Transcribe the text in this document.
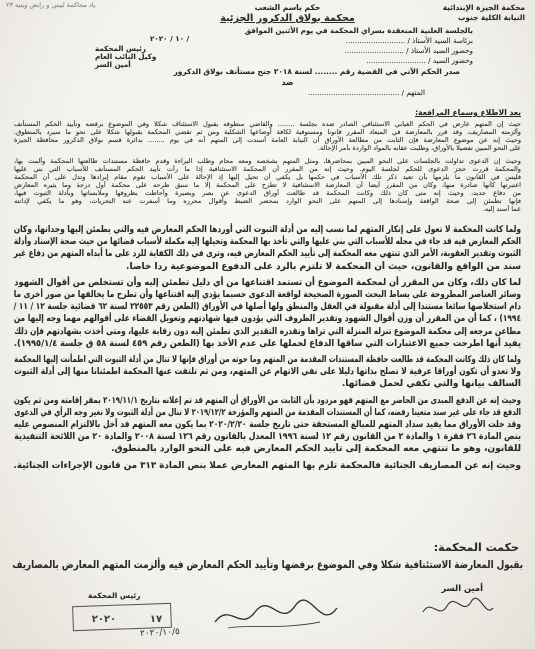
ياد محاكمة ليبتي و رابض ويتيه ٢٣	محكمة الجيزة الإبتدائية
النيابة الكلية جنوب
حكم باسم الشعب
محكمة بولاق الدكرور الجزئية
بالجلسة العلنية المنعقدة بسراي المحكمة في يوم الأثنين الموافق
/ ١٠ / ٢٠٢٠	برئاسة السيد الأستاذ / ..........................
رئيس المحكمة	وحضور السيد الأستاذ / ..........................
وكيل النائب العام	وحضور السيد / ..........................
أمين السر
صدر الحكم الآتي في القضية رقم ........ لسنة ٢٠١٨ جنح مستأنف بولاق الدكرور
ضد
المتهم / ........................................
بعد الاطلاع وسماع المرافعة:
حيث إن المتهم عارض في الحكم الغيابي الاستئنافي الصادر ضده بجلسة ........ والقاضي منطوقه بقبول الاستئناف شكلا وفي الموضوع برفضه وتأييد الحكم المستأنف
وألزمته المصاريف، وقد قرر بالمعارضة في الميعاد المقرر قانونا ومستوفية لكافة أوضاعها الشكلية ومن ثم تقضي المحكمة بقبولها شكلا على نحو ما سيرد بالمنطوق.
وحيث إنه عن موضوع المعارضة فإن الثابت من مطالعة الأوراق أن النيابة العامة أسندت إلى المتهم أنه في يوم ........ بدائرة قسم بولاق الدكرور محافظة الجيزة
على النحو المبين تفصيلا بالأوراق، وطلبت عقابه بالمواد الواردة بأمر الإحالة.
وحيث إن الدعوى تداولت بالجلسات على النحو المبين بمحاضرها، ومثل المتهم بشخصه ومعه محام وطلب البراءة وقدم حافظة مستندات طالعتها المحكمة وألمت بها،
والمحكمة قررت حجز الدعوى للحكم لجلسة اليوم. وحيث إنه من المقرر أن المحكمة الاستئنافية إذا ما رأت تأييد الحكم المستأنف للأسباب التي بني عليها
فليس في القانون ما يلزمها بأن تعيد ذكر تلك الأسباب في حكمها بل يكفي أن تحيل إليها إذ الإحالة على الأسباب تقوم مقام إيرادها وتدل على أن المحكمة
اعتبرتها كأنها صادرة منها، وكان من المقرر أيضا أن المعارضة الاستئنافية لا تطرح على المحكمة إلا ما سبق طرحه على محكمة أول درجة وما يثيره المعارض
من دفاع جديد، وحيث إنه متى كان ذلك وكانت المحكمة قد طالعت أوراق الدعوى عن بصر وبصيرة وأحاطت بظروفها وملابساتها وبأدلة الثبوت فيها،
فإنها تطمئن إلى صحة الواقعة وإسنادها إلى المتهم على النحو الوارد بمحضر الضبط وأقوال محرره وما أسفرت عنه التحريات، وهو ما يكفي لإدانته
عما أسند إليه.
ولما كانت المحكمة لا تعول على إنكار المتهم لما نسب إليه من أدلة الثبوت التي أوردها الحكم المعارض فيه والتي يطمئن إليها وجدانها، وكان
الحكم المعارض فيه قد جاء في محله للأسباب التي بني عليها والتي تأخذ بها المحكمة وتحيلها إليه مكملة لأسباب قضائها من حيث صحة الإسناد وأدلة
الثبوت وتقدير العقوبة، الأمر الذي تنتهي معه المحكمة إلى تأييد الحكم المعارض فيه، وترى في ذلك الكفاية للرد على ما أبداه المتهم من دفاع غير
سند من الواقع والقانون، حيث أن المحكمة لا تلتزم بالرد على الدفوع الموضوعية ردا خاصا.
لما كان ذلك، وكان من المقرر أن لمحكمة الموضوع أن تستمد اقتناعها من أي دليل تطمئن إليه وأن تستخلص من أقوال الشهود
وسائر العناصر المطروحة على بساط البحث الصورة الصحيحة لواقعة الدعوى حسبما يؤدي إليه اقتناعها وأن تطرح ما يخالفها من صور أخرى ما
دام استخلاصها سائغا مستندا إلى أدلة مقبولة في العقل والمنطق ولها أصلها في الأوراق (الطعن رقم ٢٢٥٥٣ لسنة ٦٢ قضائية جلسة ١٢ / ١١ /
١٩٩٤) ، كما أن من المقرر أن وزن أقوال الشهود وتقدير الظروف التي يؤدون فيها شهادتهم وتعويل القضاء على أقوالهم مهما وجه إليها من
مطاعن مرجعه إلى محكمة الموضوع تنزله المنزلة التي تراها وتقدره التقدير الذي تطمئن إليه دون رقابة عليها، ومتى أخذت بشهادتهم فإن ذلك
يفيد أنها اطرحت جميع الاعتبارات التي ساقها الدفاع لحملها على عدم الأخذ بها (الطعن رقم ٤٥٩ لسنة ٥٨ ق جلسة ١٩٩٥/١/٤).
ولما كان ذلك وكانت المحكمة قد طالعت حافظة المستندات المقدمة من المتهم وما حوته من أوراق فإنها لا تنال من أدلة الثبوت التي اطمأنت إليها المحكمة
ولا تعدو أن تكون أوراقا عرفية لا تصلح بذاتها دليلا على نفي الاتهام عن المتهم، ومن ثم تلتفت عنها المحكمة اطمئنانا منها إلى أدلة الثبوت
السالف بيانها والتي تكفي لحمل قضائها.
وحيث إنه عن الدفع المبدى من الحاضر مع المتهم فهو مردود بأن الثابت من الأوراق أن المتهم قد تم إعلانه بتاريخ ٢٠١٩/١١/١ بمقر إقامته ومن ثم يكون
الدفع قد جاء على غير سند متعينا رفضه، كما أن المستندات المقدمة من المتهم والمؤرخة ٢٠١٩/١٢/٢ لا تنال من أدلة الثبوت ولا تغير وجه الرأي في الدعوى
وقد خلت الأوراق مما يفيد سداد المتهم للمبالغ المستحقة حتى تاريخ جلسة ٢٠٢٠/٢/٢٠ بما يكون معه المتهم قد أخل بالالتزام المنصوص عليه
بنص المادة ٢٦ فقرة ١ والمادة ٢ من القانون رقم ١٢ لسنة ١٩٩٦ المعدل بالقانون رقم ١٢٦ لسنة ٢٠٠٨ والمادة ٢٠ من اللائحة التنفيذية
للقانون، وهو ما تنتهي معه المحكمة إلى تأييد الحكم المعارض فيه على النحو الوارد بالمنطوق.
وحيث إنه عن المصاريف الجنائية فالمحكمة تلزم بها المتهم المعارض عملا بنص المادة ٣١٣ من قانون الإجراءات الجنائية.
حكمت المحكمة:
بقبول المعارضة الاستئنافية شكلا وفي الموضوع برفضها وتأييد الحكم المعارض فيه وألزمت المتهم المعارض بالمصاريف
أمين السر
رئيس المحكمة
١٧
٢٠٢٠
٢٠٢٠/١٠/٥
